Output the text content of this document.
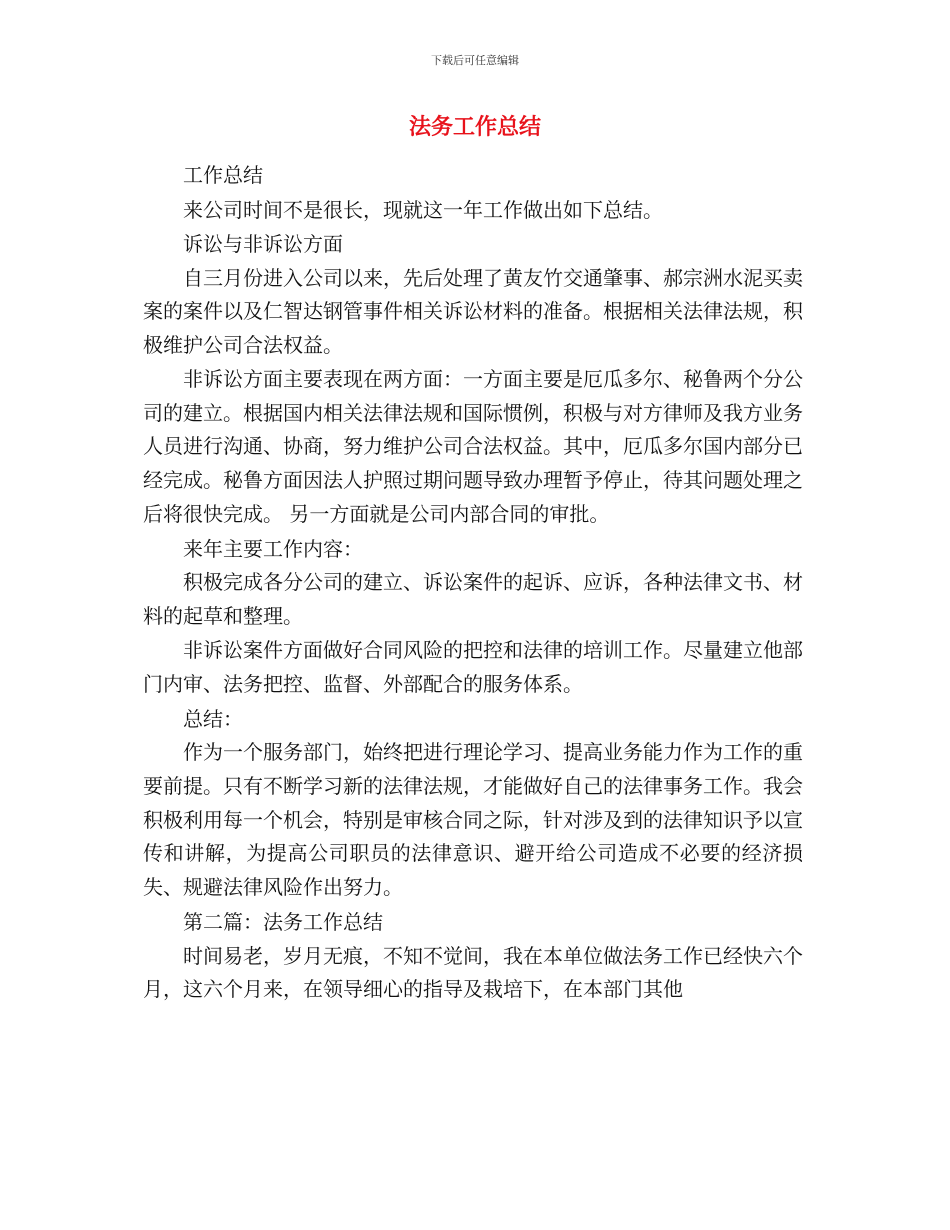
下载后可任意编辑
法务工作总结

工作总结

来公司时间不是很长，现就这一年工作做出如下总结。

诉讼与非诉讼方面

自三月份进入公司以来，先后处理了黄友竹交通肇事、郝宗洲水泥买卖案的案件以及仁智达钢管事件相关诉讼材料的准备。根据相关法律法规，积极维护公司合法权益。

非诉讼方面主要表现在两方面：一方面主要是厄瓜多尔、秘鲁两个分公司的建立。根据国内相关法律法规和国际惯例，积极与对方律师及我方业务人员进行沟通、协商，努力维护公司合法权益。其中，厄瓜多尔国内部分已经完成。秘鲁方面因法人护照过期问题导致办理暂予停止，待其问题处理之后将很快完成。 另一方面就是公司内部合同的审批。

来年主要工作内容：

积极完成各分公司的建立、诉讼案件的起诉、应诉，各种法律文书、材料的起草和整理。

非诉讼案件方面做好合同风险的把控和法律的培训工作。尽量建立他部门内审、法务把控、监督、外部配合的服务体系。

总结：

作为一个服务部门，始终把进行理论学习、提高业务能力作为工作的重要前提。只有不断学习新的法律法规，才能做好自己的法律事务工作。我会积极利用每一个机会，特别是审核合同之际，针对涉及到的法律知识予以宣传和讲解，为提高公司职员的法律意识、避开给公司造成不必要的经济损失、规避法律风险作出努力。

第二篇：法务工作总结

时间易老，岁月无痕，不知不觉间，我在本单位做法务工作已经快六个月，这六个月来，在领导细心的指导及栽培下，在本部门其他
